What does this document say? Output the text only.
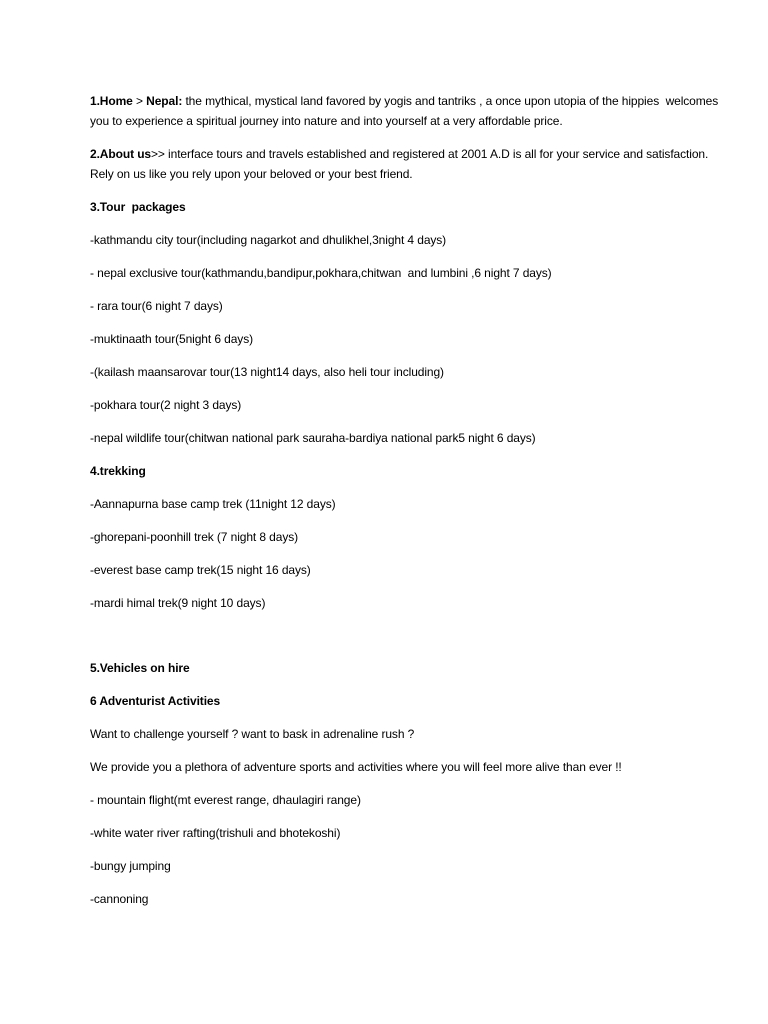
1.Home > Nepal: the mythical, mystical land favored by yogis and tantriks , a once upon utopia of the hippies  welcomes you to experience a spiritual journey into nature and into yourself at a very affordable price.

2.About us>> interface tours and travels established and registered at 2001 A.D is all for your service and satisfaction. Rely on us like you rely upon your beloved or your best friend.

3.Tour  packages

-kathmandu city tour(including nagarkot and dhulikhel,3night 4 days)

- nepal exclusive tour(kathmandu,bandipur,pokhara,chitwan  and lumbini ,6 night 7 days)

- rara tour(6 night 7 days)

-muktinaath tour(5night 6 days)

-(kailash maansarovar tour(13 night14 days, also heli tour including)

-pokhara tour(2 night 3 days)

-nepal wildlife tour(chitwan national park sauraha-bardiya national park5 night 6 days)

4.trekking

-Aannapurna base camp trek (11night 12 days)

-ghorepani-poonhill trek (7 night 8 days)

-everest base camp trek(15 night 16 days)

-mardi himal trek(9 night 10 days)

5.Vehicles on hire

6 Adventurist Activities

Want to challenge yourself ? want to bask in adrenaline rush ?

We provide you a plethora of adventure sports and activities where you will feel more alive than ever !!

- mountain flight(mt everest range, dhaulagiri range)

-white water river rafting(trishuli and bhotekoshi)

-bungy jumping

-cannoning
